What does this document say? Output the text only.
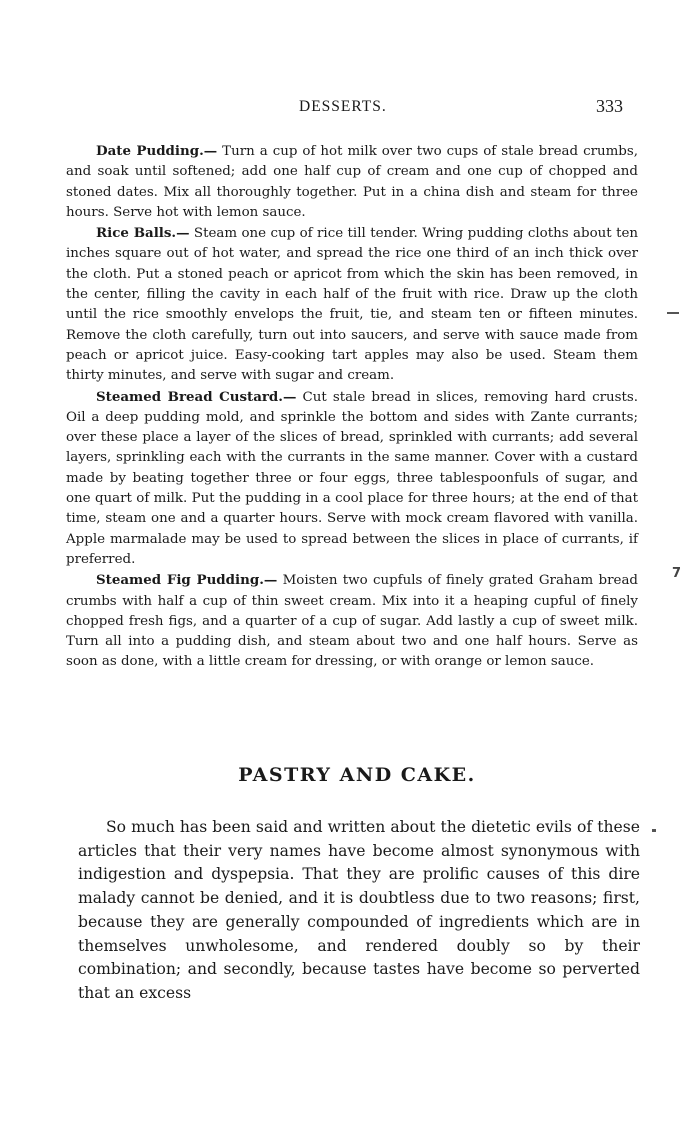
DESSERTS.	333

Date Pudding.— Turn a cup of hot milk over two cups of stale bread crumbs, and soak until softened; add one half cup of cream and one cup of chopped and stoned dates. Mix all thoroughly together. Put in a china dish and steam for three hours. Serve hot with lemon sauce.

Rice Balls.— Steam one cup of rice till tender. Wring pudding cloths about ten inches square out of hot water, and spread the rice one third of an inch thick over the cloth. Put a stoned peach or apricot from which the skin has been removed, in the center, filling the cavity in each half of the fruit with rice. Draw up the cloth until the rice smoothly envelops the fruit, tie, and steam ten or fifteen minutes. Remove the cloth carefully, turn out into saucers, and serve with sauce made from peach or apricot juice. Easy-cooking tart apples may also be used. Steam them thirty minutes, and serve with sugar and cream.

Steamed Bread Custard.— Cut stale bread in slices, removing hard crusts. Oil a deep pudding mold, and sprinkle the bottom and sides with Zante currants; over these place a layer of the slices of bread, sprinkled with currants; add several layers, sprinkling each with the currants in the same manner. Cover with a custard made by beating together three or four eggs, three tablespoonfuls of sugar, and one quart of milk. Put the pudding in a cool place for three hours; at the end of that time, steam one and a quarter hours. Serve with mock cream flavored with vanilla. Apple marmalade may be used to spread between the slices in place of currants, if preferred.

Steamed Fig Pudding.— Moisten two cupfuls of finely grated Graham bread crumbs with half a cup of thin sweet cream. Mix into it a heaping cupful of finely chopped fresh figs, and a quarter of a cup of sugar. Add lastly a cup of sweet milk. Turn all into a pudding dish, and steam about two and one half hours. Serve as soon as done, with a little cream for dressing, or with orange or lemon sauce.

PASTRY AND CAKE.

So much has been said and written about the dietetic evils of these articles that their very names have become almost synonymous with indigestion and dyspepsia. That they are prolific causes of this dire malady cannot be denied, and it is doubtless due to two reasons; first, because they are generally compounded of ingredients which are in themselves unwholesome, and rendered doubly so by their combination; and secondly, because tastes have become so perverted that an excess

7
